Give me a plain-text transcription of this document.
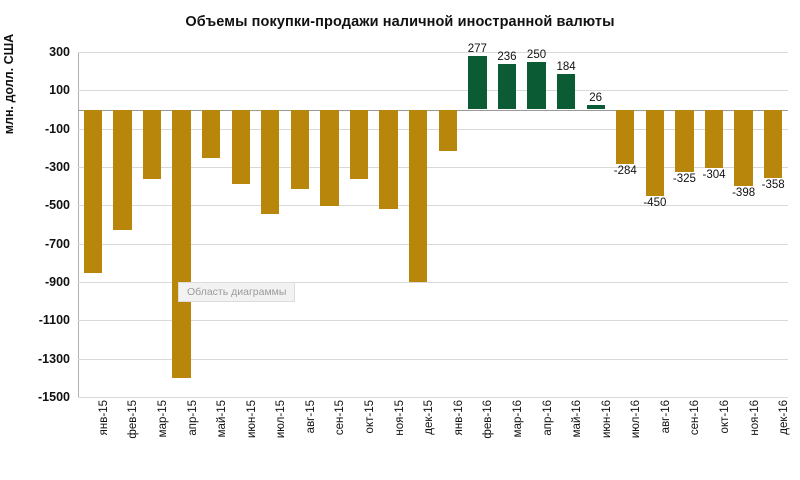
Объемы покупки-продажи наличной иностранной валюты
млн. долл. США	300
100
-100
-300
-500
-700
-900
-1100
-1300
-1500
277
236 250
184
26
-284
-450
-325 -304
-398
-358
янв-15 фев-15 мар-15 апр-15 май-15 июн-15 июл-15 авг-15 сен-15 окт-15 ноя-15 дек-15 янв-16 фев-16 мар-16 апр-16 май-16 июн-16 июл-16 авг-16 сен-16 окт-16 ноя-16 дек-16
Область диаграммы
